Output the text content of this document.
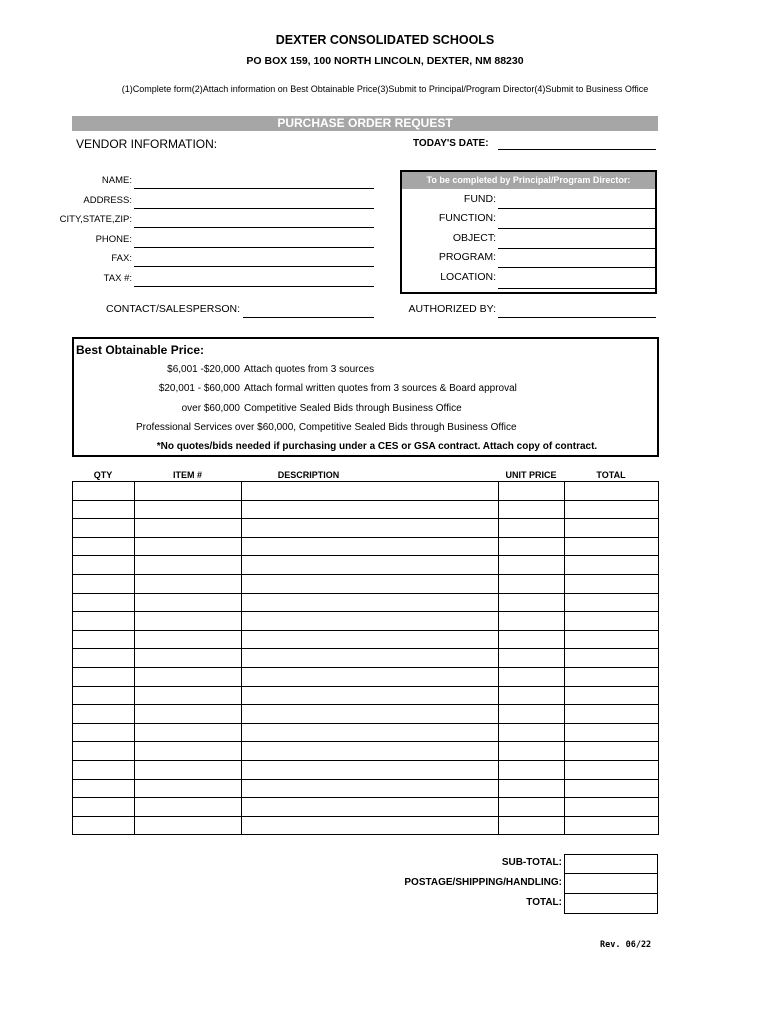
DEXTER CONSOLIDATED SCHOOLS
PO BOX 159, 100 NORTH LINCOLN, DEXTER, NM 88230
(1)Complete form(2)Attach information on Best Obtainable Price(3)Submit to Principal/Program Director(4)Submit to Business Office
PURCHASE ORDER REQUEST
VENDOR INFORMATION:	TODAY'S DATE:
NAME:
ADDRESS:
CITY,STATE,ZIP:
PHONE:
FAX:
TAX #:
CONTACT/SALESPERSON:
To be completed by Principal/Program Director:
FUND:
FUNCTION:
OBJECT:
PROGRAM:
LOCATION:
AUTHORIZED BY:
Best Obtainable Price:
$6,001 -$20,000 Attach quotes from 3 sources
$20,001 - $60,000 Attach formal written quotes from 3 sources & Board approval
over $60,000 Competitive Sealed Bids through Business Office
Professional Services over $60,000, Competitive Sealed Bids through Business Office
*No quotes/bids needed if purchasing under a CES or GSA contract. Attach copy of contract.
QTY	ITEM #	DESCRIPTION	UNIT PRICE	TOTAL

SUB-TOTAL:
POSTAGE/SHIPPING/HANDLING:
TOTAL:
Rev. 06/22
